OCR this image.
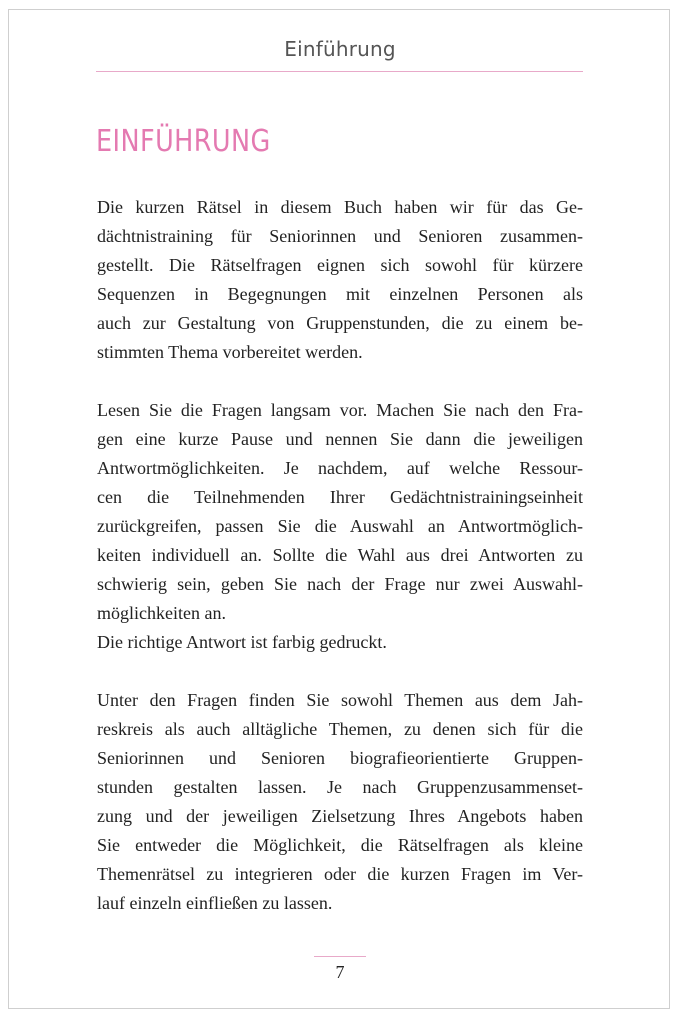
Einführung
EINFÜHRUNG
Die kurzen Rätsel in diesem Buch haben wir für das Ge-
dächtnistraining für Seniorinnen und Senioren zusammen-
gestellt. Die Rätselfragen eignen sich sowohl für kürzere
Sequenzen in Begegnungen mit einzelnen Personen als
auch zur Gestaltung von Gruppenstunden, die zu einem be-
stimmten Thema vorbereitet werden.
Lesen Sie die Fragen langsam vor. Machen Sie nach den Fra-
gen eine kurze Pause und nennen Sie dann die jeweiligen
Antwortmöglichkeiten. Je nachdem, auf welche Ressour-
cen die Teilnehmenden Ihrer Gedächtnistrainingseinheit
zurückgreifen, passen Sie die Auswahl an Antwortmöglich-
keiten individuell an. Sollte die Wahl aus drei Antworten zu
schwierig sein, geben Sie nach der Frage nur zwei Auswahl-
möglichkeiten an.
Die richtige Antwort ist farbig gedruckt.
Unter den Fragen finden Sie sowohl Themen aus dem Jah-
reskreis als auch alltägliche Themen, zu denen sich für die
Seniorinnen und Senioren biografieorientierte Gruppen-
stunden gestalten lassen. Je nach Gruppenzusammenset-
zung und der jeweiligen Zielsetzung Ihres Angebots haben
Sie entweder die Möglichkeit, die Rätselfragen als kleine
Themenrätsel zu integrieren oder die kurzen Fragen im Ver-
lauf einzeln einfließen zu lassen.
7
